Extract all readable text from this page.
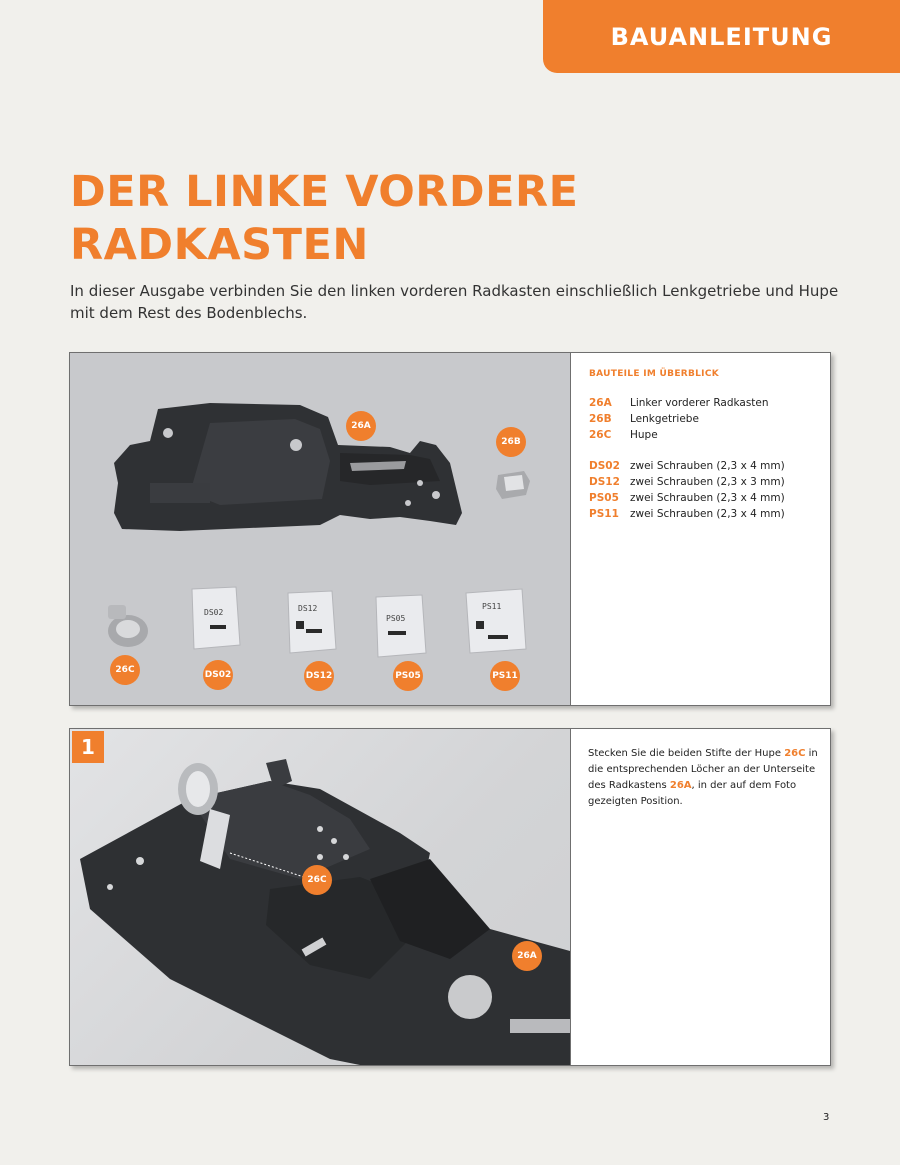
BAUANLEITUNG
DER LINKE VORDERE
RADKASTEN

In dieser Ausgabe verbinden Sie den linken vorderen Radkasten einschließlich Lenkgetriebe und Hupe mit dem Rest des Bodenblechs.

DS02	DS12
PS05
PS11
26A
26B
26C	DS02	DS12	PS05	PS11
BAUTEILE IM ÜBERBLICK
26A	Linker vorderer Radkasten
26B	Lenkgetriebe
26C	Hupe
DS02 zwei Schrauben (2,3 x 4 mm)
DS12 zwei Schrauben (2,3 x 3 mm)
PS05	zwei Schrauben (2,3 x 4 mm)
PS11	zwei Schrauben (2,3 x 4 mm)
1
26C
26A

Stecken Sie die beiden Stifte der Hupe 26C in die entsprechenden Löcher an der Unterseite des Radkastens 26A, in der auf dem Foto gezeigten Position.

3
